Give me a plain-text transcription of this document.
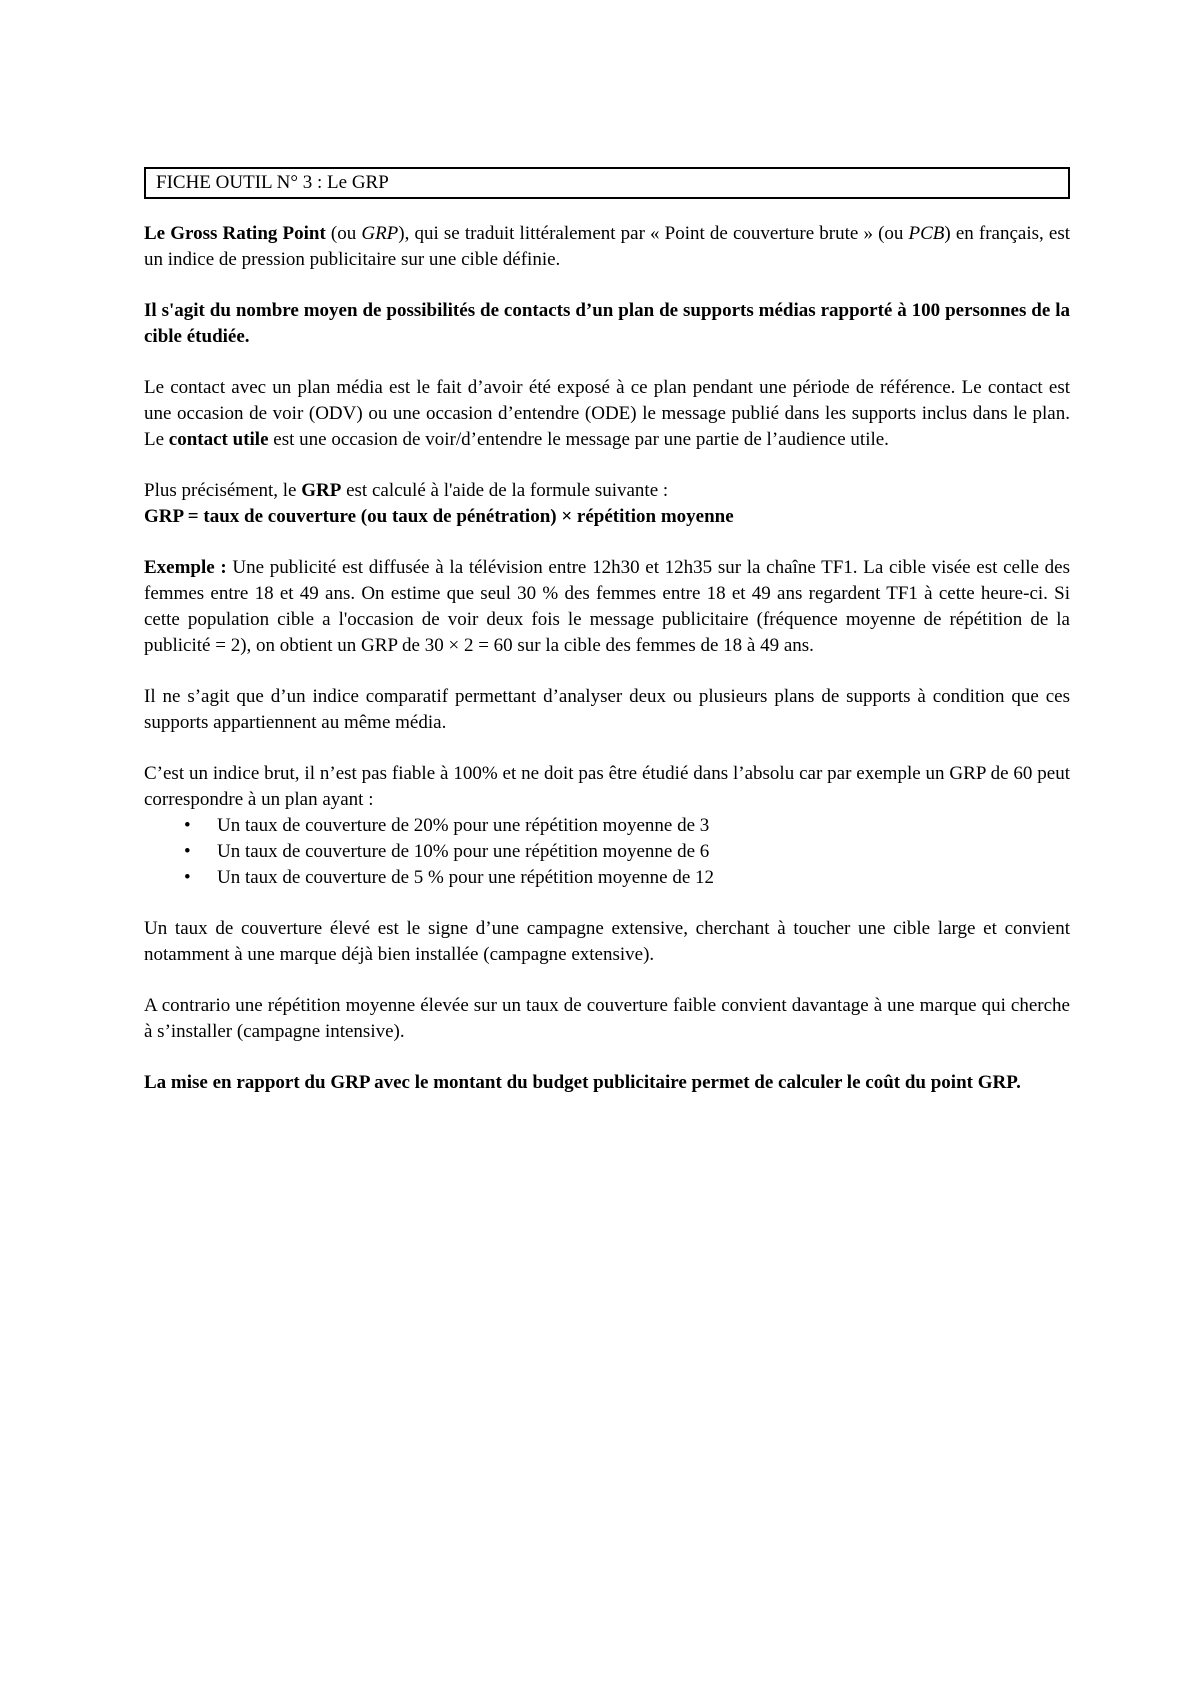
FICHE OUTIL N° 3 : Le GRP

Le Gross Rating Point (ou GRP), qui se traduit littéralement par « Point de couverture brute » (ou PCB) en français, est un indice de pression publicitaire sur une cible définie.

Il s'agit du nombre moyen de possibilités de contacts d’un plan de supports médias rapporté à 100 personnes de la cible étudiée.

Le contact avec un plan média est le fait d’avoir été exposé à ce plan pendant une période de référence. Le contact est une occasion de voir (ODV) ou une occasion d’entendre (ODE) le message publié dans les supports inclus dans le plan. Le contact utile est une occasion de voir/d’entendre le message par une partie de l’audience utile.

Plus précisément, le GRP est calculé à l'aide de la formule suivante :
GRP = taux de couverture (ou taux de pénétration) × répétition moyenne

Exemple : Une publicité est diffusée à la télévision entre 12h30 et 12h35 sur la chaîne TF1. La cible visée est celle des femmes entre 18 et 49 ans. On estime que seul 30 % des femmes entre 18 et 49 ans regardent TF1 à cette heure-ci. Si cette population cible a l'occasion de voir deux fois le message publicitaire (fréquence moyenne de répétition de la publicité = 2), on obtient un GRP de 30 × 2 = 60 sur la cible des femmes de 18 à 49 ans.

Il ne s’agit que d’un indice comparatif permettant d’analyser deux ou plusieurs plans de supports à condition que ces supports appartiennent au même média.

C’est un indice brut, il n’est pas fiable à 100% et ne doit pas être étudié dans l’absolu car par exemple un GRP de 60 peut correspondre à un plan ayant :

• Un taux de couverture de 20% pour une répétition moyenne de 3
• Un taux de couverture de 10% pour une répétition moyenne de 6
• Un taux de couverture de 5 % pour une répétition moyenne de 12

Un taux de couverture élevé est le signe d’une campagne extensive, cherchant à toucher une cible large et convient notamment à une marque déjà bien installée (campagne extensive).

A contrario une répétition moyenne élevée sur un taux de couverture faible convient davantage à une marque qui cherche à s’installer (campagne intensive).

La mise en rapport du GRP avec le montant du budget publicitaire permet de calculer le coût du point GRP.
